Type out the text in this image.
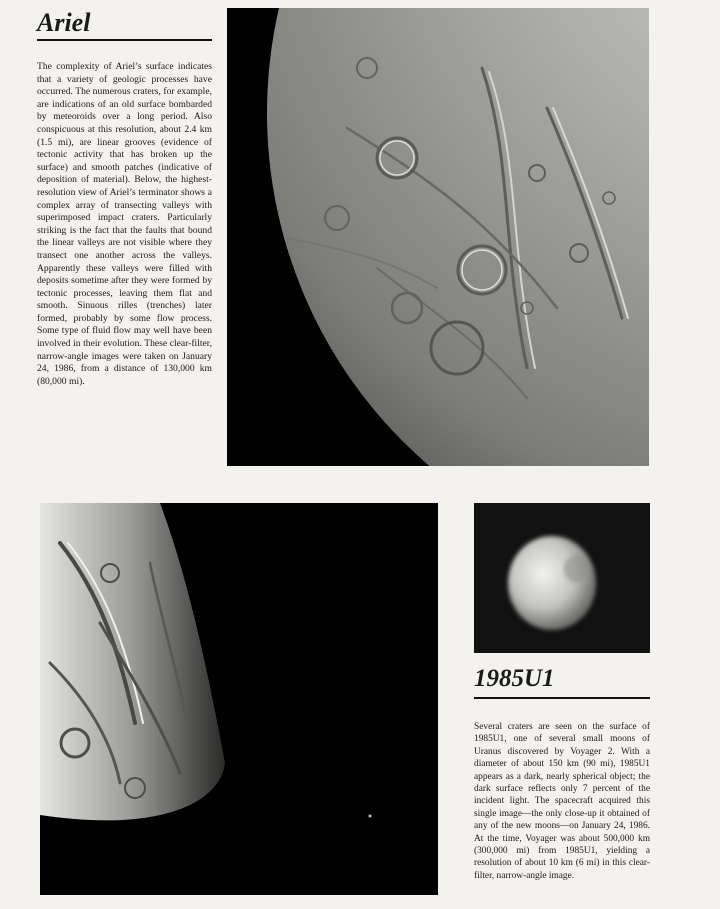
Ariel

The complexity of Ariel’s surface indicates that a variety of geologic processes have occurred. The numerous craters, for example, are indications of an old surface bombarded by meteoroids over a long period. Also conspicuous at this resolution, about 2.4 km (1.5 mi), are linear grooves (evidence of tectonic activity that has broken up the surface) and smooth patches (indicative of deposition of material). Below, the highest-resolution view of Ariel’s terminator shows a complex array of transecting valleys with superimposed impact craters. Particularly striking is the fact that the faults that bound the linear valleys are not visible where they transect one another across the valleys. Apparently these valleys were filled with deposits sometime after they were formed by tectonic processes, leaving them flat and smooth. Sinuous rilles (trenches) later formed, probably by some flow process. Some type of fluid flow may well have been involved in their evolution. These clear-filter, narrow-angle images were taken on January 24, 1986, from a distance of 130,000 km (80,000 mi).

1985U1

Several craters are seen on the surface of 1985U1, one of several small moons of Uranus discovered by Voyager 2. With a diameter of about 150 km (90 mi), 1985U1 appears as a dark, nearly spherical object; the dark surface reflects only 7 percent of the incident light. The spacecraft acquired this single image—the only close-up it obtained of any of the new moons—on January 24, 1986. At the time, Voyager was about 500,000 km (300,000 mi) from 1985U1, yielding a resolution of about 10 km (6 mi) in this clear-filter, narrow-angle image.
